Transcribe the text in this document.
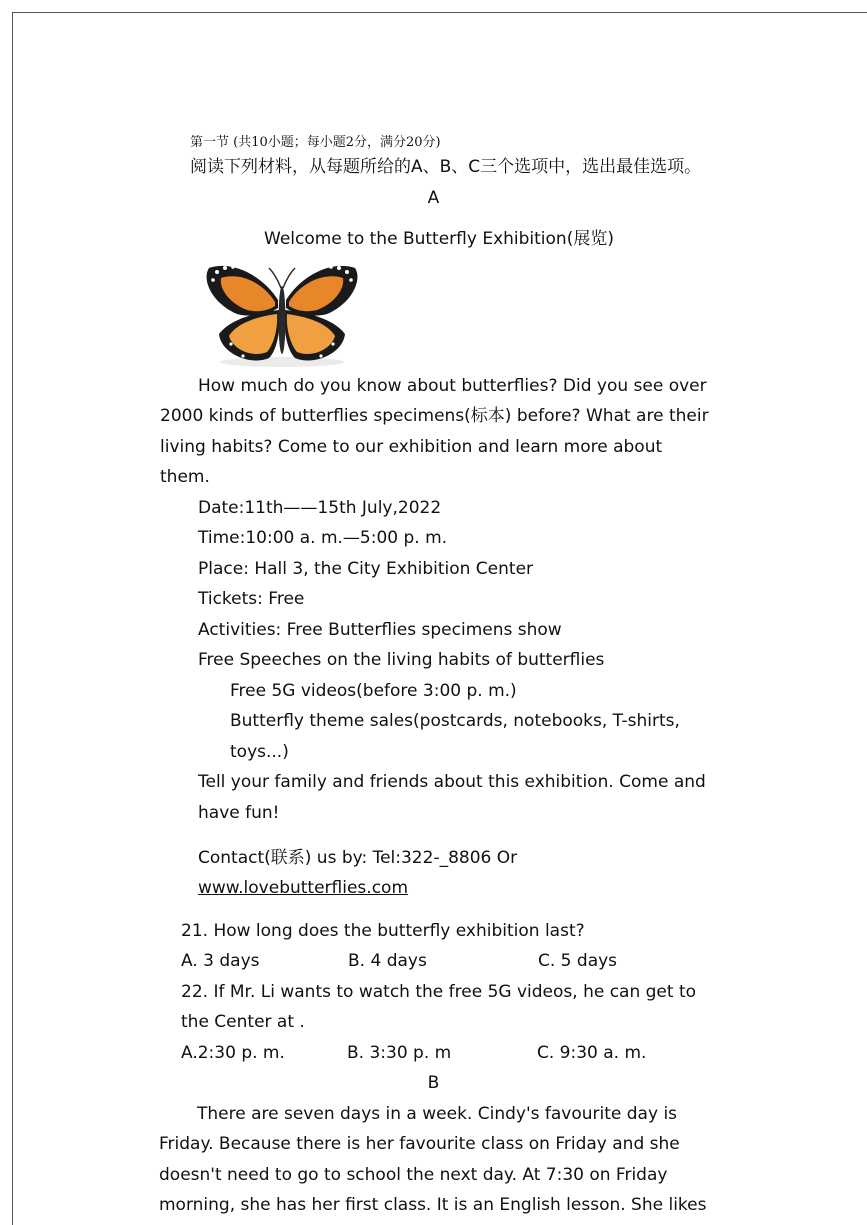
第一节 (共10小题；每小题2分，满分20分)
阅读下列材料，从每题所给的A、B、C三个选项中，选出最佳选项。
A
Welcome to the Butterfly Exhibition(展览)
How much do you know about butterflies? Did you see over
2000 kinds of butterflies specimens(标本) before? What are their
living habits? Come to our exhibition and learn more about
them.
Date:11th——15th July,2022
Time:10:00 a. m.—5:00 p. m.
Place: Hall 3, the City Exhibition Center
Tickets: Free
Activities: Free Butterflies specimens show
Free Speeches on the living habits of butterflies
Free 5G videos(before 3:00 p. m.)
Butterfly theme sales(postcards, notebooks, T-shirts,
toys...)
Tell your family and friends about this exhibition. Come and
have fun!
Contact(联系) us by: Tel:322-_8806 Or
www.lovebutterflies.com
21. How long does the butterfly exhibition last?
A. 3 days	B. 4 days	C. 5 days
22. If Mr. Li wants to watch the free 5G videos, he can get to
the Center at .
A.2:30 p. m.	B. 3:30 p. m	C. 9:30 a. m.
B
There are seven days in a week. Cindy's favourite day is
Friday. Because there is her favourite class on Friday and she
doesn't need to go to school the next day. At 7:30 on Friday
morning, she has her first class. It is an English lesson. She likes
